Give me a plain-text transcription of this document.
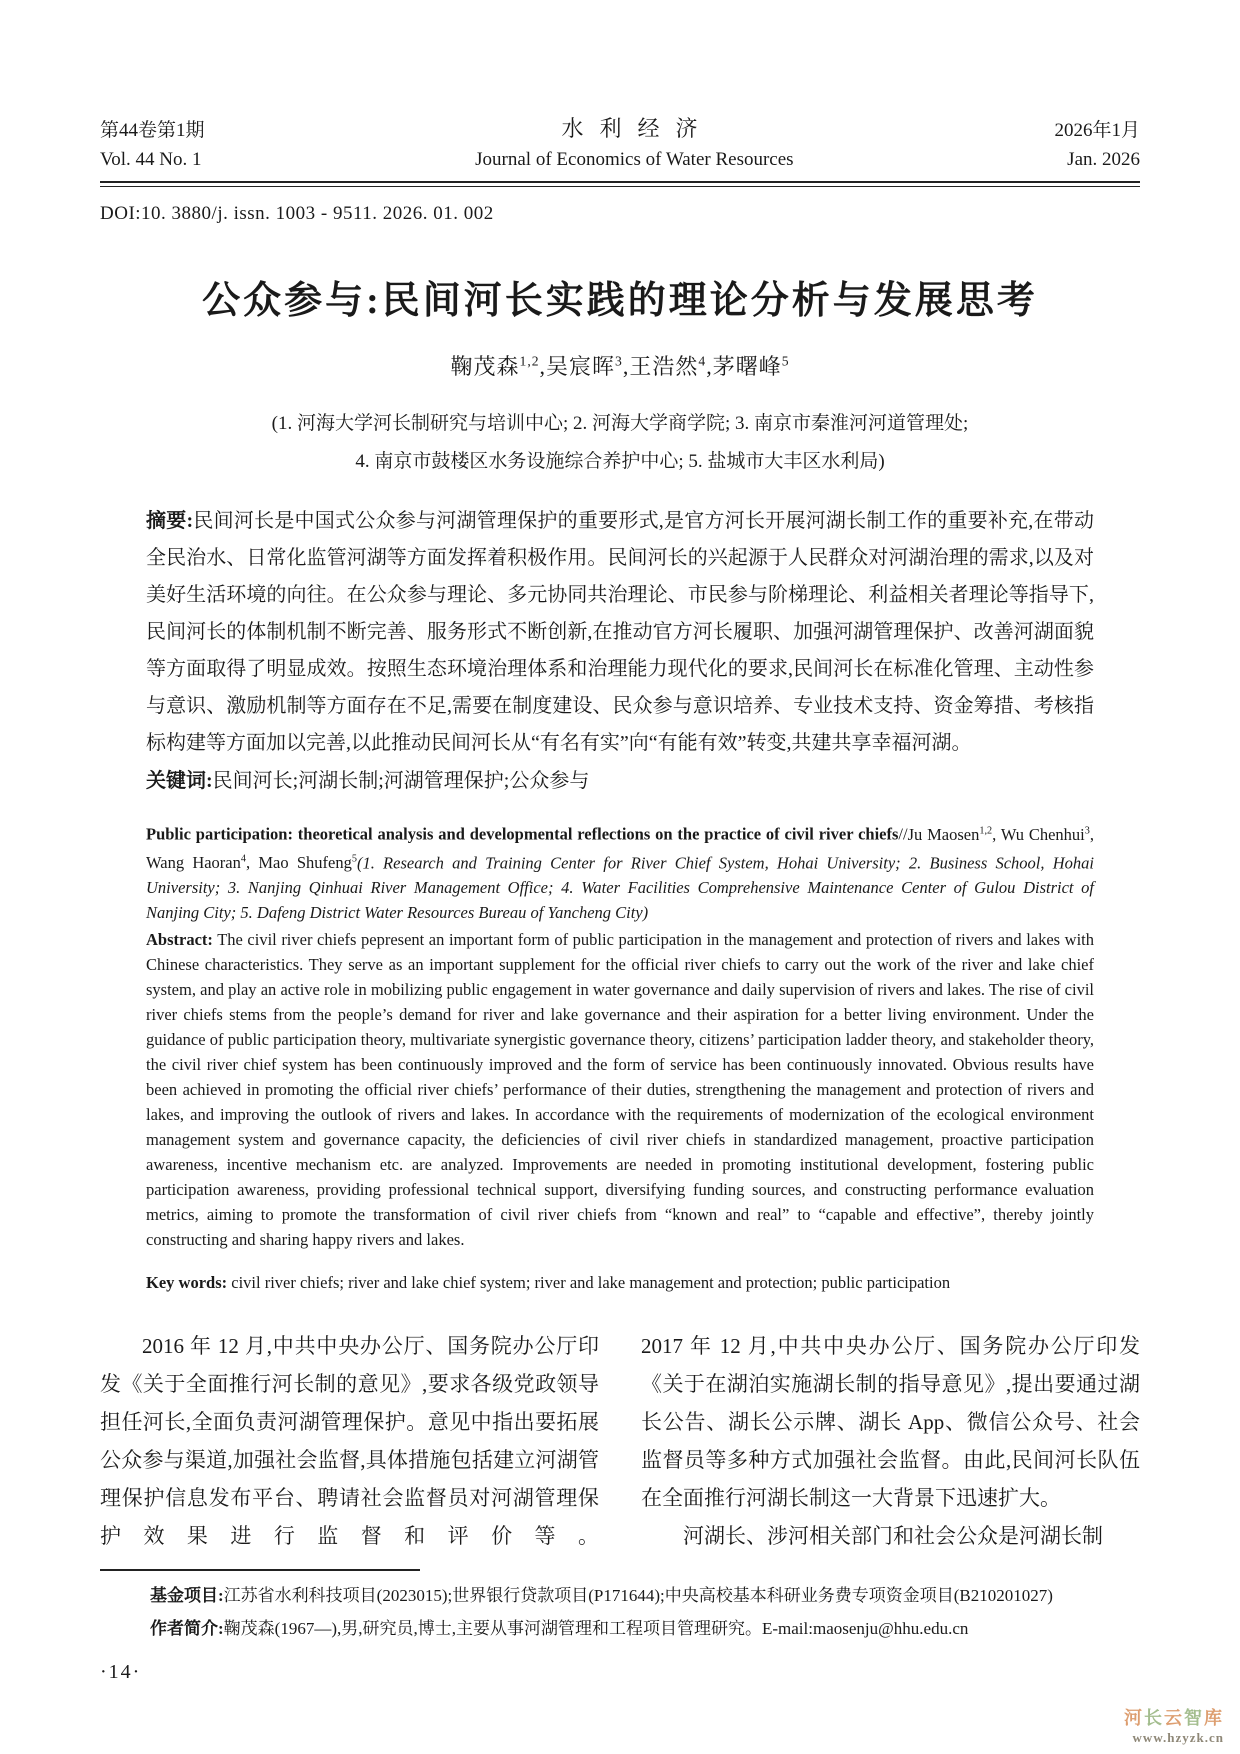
第44卷第1期	水利经济	2026年1月
Vol. 44 No. 1	Journal of Economics of Water Resources	Jan. 2026
DOI:10. 3880/j. issn. 1003 - 9511. 2026. 01. 002
公众参与:民间河长实践的理论分析与发展思考
鞠茂森$^{1,2}$,吴宸晖$^3$,王浩然$^4$,茅曙峰$^5$
(1. 河海大学河长制研究与培训中心; 2. 河海大学商学院; 3. 南京市秦淮河河道管理处;
4. 南京市鼓楼区水务设施综合养护中心; 5. 盐城市大丰区水利局)

摘要:民间河长是中国式公众参与河湖管理保护的重要形式,是官方河长开展河湖长制工作的重要补充,在带动全民治水、日常化监管河湖等方面发挥着积极作用。民间河长的兴起源于人民群众对河湖治理的需求,以及对美好生活环境的向往。在公众参与理论、多元协同共治理论、市民参与阶梯理论、利益相关者理论等指导下,民间河长的体制机制不断完善、服务形式不断创新,在推动官方河长履职、加强河湖管理保护、改善河湖面貌等方面取得了明显成效。按照生态环境治理体系和治理能力现代化的要求,民间河长在标准化管理、主动性参与意识、激励机制等方面存在不足,需要在制度建设、民众参与意识培养、专业技术支持、资金筹措、考核指标构建等方面加以完善,以此推动民间河长从“有名有实”向“有能有效”转变,共建共享幸福河湖。

关键词:民间河长;河湖长制;河湖管理保护;公众参与

Public participation: theoretical analysis and developmental reflections on the practice of civil river chiefs//Ju Maosen$^{1,2}$, Wu Chenhui$^3$, Wang Haoran$^4$, Mao Shufeng$^5$(1. Research and Training Center for River Chief System, Hohai University; 2. Business School, Hohai University; 3. Nanjing Qinhuai River Management Office; 4. Water Facilities Comprehensive Maintenance Center of Gulou District of Nanjing City; 5. Dafeng District Water Resources Bureau of Yancheng City)

Abstract: The civil river chiefs pepresent an important form of public participation in the management and protection of rivers and lakes with Chinese characteristics. They serve as an important supplement for the official river chiefs to carry out the work of the river and lake chief system, and play an active role in mobilizing public engagement in water governance and daily supervision of rivers and lakes. The rise of civil river chiefs stems from the people’s demand for river and lake governance and their aspiration for a better living environment. Under the guidance of public participation theory, multivariate synergistic governance theory, citizens’ participation ladder theory, and stakeholder theory, the civil river chief system has been continuously improved and the form of service has been continuously innovated. Obvious results have been achieved in promoting the official river chiefs’ performance of their duties, strengthening the management and protection of rivers and lakes, and improving the outlook of rivers and lakes. In accordance with the requirements of modernization of the ecological environment management system and governance capacity, the deficiencies of civil river chiefs in standardized management, proactive participation awareness, incentive mechanism etc. are analyzed. Improvements are needed in promoting institutional development, fostering public participation awareness, providing professional technical support, diversifying funding sources, and constructing performance evaluation metrics, aiming to promote the transformation of civil river chiefs from “known and real” to “capable and effective”, thereby jointly constructing and sharing happy rivers and lakes.

Key words: civil river chiefs; river and lake chief system; river and lake management and protection; public participation

2016 年 12 月,中共中央办公厅、国务院办公厅印发《关于全面推行河长制的意见》,要求各级党政领导担任河长,全面负责河湖管理保护。意见中指出要拓展公众参与渠道,加强社会监督,具体措施包括建立河湖管理保护信息发布平台、聘请社会监督员对河湖管理保护效果进行监督和评价等。

2017 年 12 月,中共中央办公厅、国务院办公厅印发《关于在湖泊实施湖长制的指导意见》,提出要通过湖长公告、湖长公示牌、湖长 App、微信公众号、社会监督员等多种方式加强社会监督。由此,民间河长队伍在全面推行河湖长制这一大背景下迅速扩大。

河湖长、涉河相关部门和社会公众是河湖长制

基金项目:江苏省水利科技项目(2023015);世界银行贷款项目(P171644);中央高校基本科研业务费专项资金项目(B210201027)
作者简介:鞠茂森(1967—),男,研究员,博士,主要从事河湖管理和工程项目管理研究。E-mail:maosenju@hhu.edu.cn
·14·
河长云智库
www.hzyzk.cn
